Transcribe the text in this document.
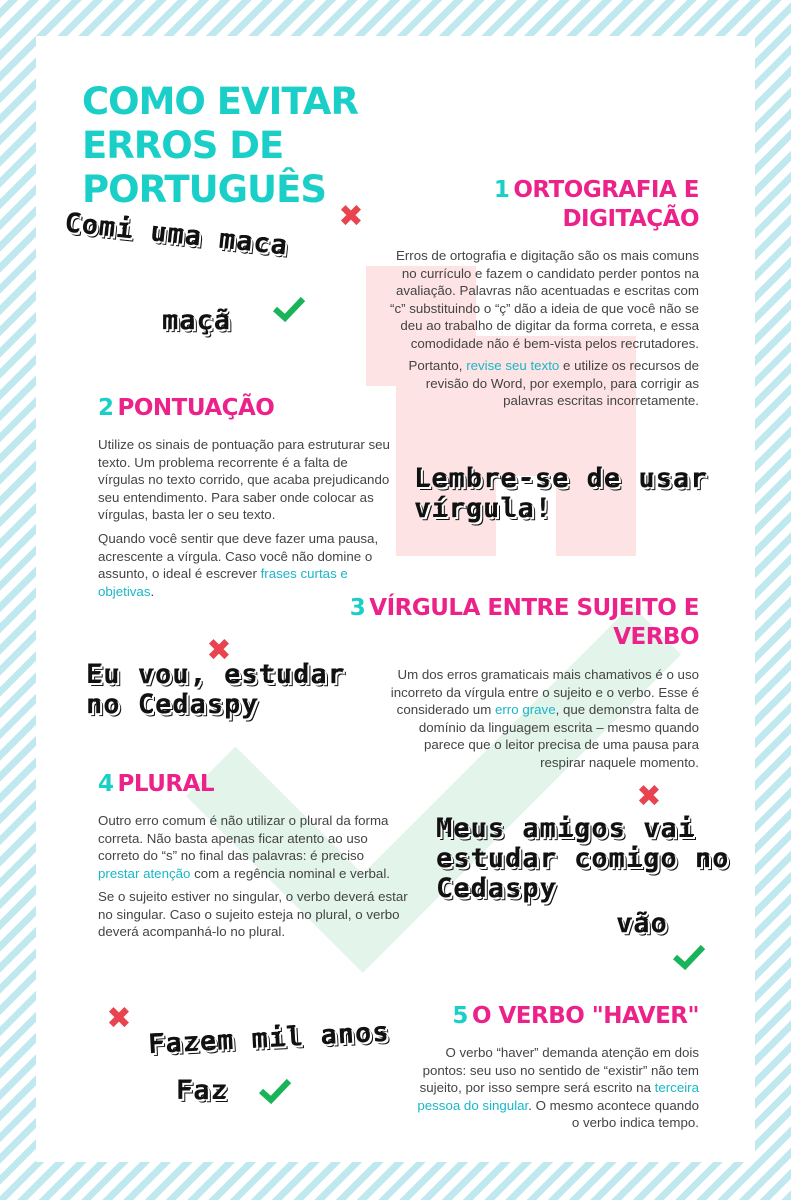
COMO EVITAR ERROS DE PORTUGUÊS	1 ORTOGRAFIA E DIGITAÇÃO

Erros de ortografia e digitação são os mais comuns no currículo e fazem o candidato perder pontos na avaliação. Palavras não acentuadas e escritas com “c” substituindo o “ç” dão a ideia de que você não se deu ao trabalho de digitar da forma correta, e essa comodidade não é bem-vista pelos recrutadores.

Portanto, revise seu texto e utilize os recursos de revisão do Word, por exemplo, para corrigir as palavras escritas incorretamente.

✖
Comi uma maca
maçã
2 PONTUAÇÃO

Utilize os sinais de pontuação para estruturar seu texto. Um problema recorrente é a falta de vírgulas no texto corrido, que acaba prejudicando seu entendimento. Para saber onde colocar as vírgulas, basta ler o seu texto.

Quando você sentir que deve fazer uma pausa, acrescente a vírgula. Caso você não domine o assunto, o ideal é escrever frases curtas e objetivas.

Lembre-se de usar vírgula!
3 VÍRGULA ENTRE SUJEITO E VERBO

Um dos erros gramaticais mais chamativos é o uso incorreto da vírgula entre o sujeito e o verbo. Esse é considerado um erro grave, que demonstra falta de domínio da linguagem escrita – mesmo quando parece que o leitor precisa de uma pausa para respirar naquele momento.

✖
Eu vou, estudar no Cedaspy
4 PLURAL

Outro erro comum é não utilizar o plural da forma correta. Não basta apenas ficar atento ao uso correto do “s” no final das palavras: é preciso prestar atenção com a regência nominal e verbal.

Se o sujeito estiver no singular, o verbo deverá estar no singular. Caso o sujeito esteja no plural, o verbo deverá acompanhá-lo no plural.

✖
Meus amigos vai estudar comigo no Cedaspy
vão
5 O VERBO "HAVER"

O verbo “haver” demanda atenção em dois pontos: seu uso no sentido de “existir” não tem sujeito, por isso sempre será escrito na terceira pessoa do singular. O mesmo acontece quando o verbo indica tempo.

✖ Fazem mil anos
Faz
